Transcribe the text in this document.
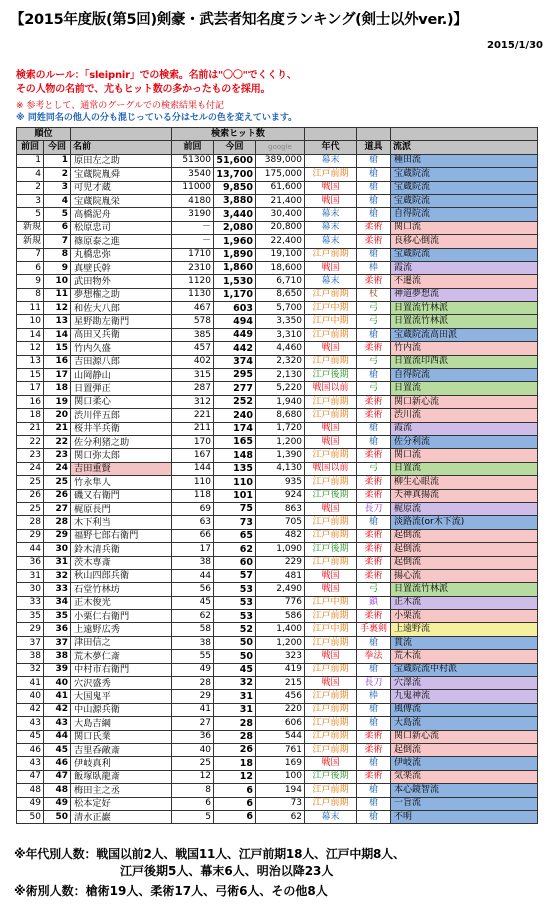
【2015年度版(第5回)剣豪・武芸者知名度ランキング(剣士以外ver.)】
2015/1/30
検索のルール：「sleipnir」での検索。名前は"〇〇"でくくり、
その人物の名前で、尤もヒット数の多かったものを採用。
※ 参考として、通常のグーグルでの検索結果も付記
※ 同姓同名の他人の分も混じっている分はセルの色を変えています。
順位			検索ヒット数					
前回	今回	名前	前回	今回	google	年代	道具	流派
1	1	原田左之助	51300	51,600	389,000	幕末	槍	種田流
4	2	宝蔵院胤舜	3540	13,700	175,000	江戸前期	槍	宝蔵院流
2	3	可児才蔵	11000	9,850	61,600	戦国	槍	宝蔵院流
3	4	宝蔵院胤栄	4180	3,880	21,400	戦国	槍	宝蔵院流
5	5	高橋泥舟	3190	3,440	30,400	幕末	槍	自得院流
新規	6	松原忠司	－	2,080	20,800	幕末	柔術	関口流
新規	7	篠原泰之進	－	1,960	22,400	幕末	柔術	良移心倒流
7	8	丸橋忠弥	1710	1,890	19,100	江戸前期	槍	宝蔵院流
6	9	真壁氏幹	2310	1,860	18,600	戦国	棒	霞流
9	10	武田物外	1120	1,530	6,710	幕末	柔術	不遷流
8	11	夢想権之助	1130	1,170	8,650	江戸前期	杖	神道夢想流
11	12	和佐大八郎	467	603	5,700	江戸中期	弓	日置流竹林派
10	13	星野勘左衛門	578	494	3,350	江戸中期	弓	日置流竹林派
14	14	高田又兵衛	385	449	3,310	江戸前期	槍	宝蔵院流高田派
12	15	竹内久盛	457	442	4,460	戦国	柔術	竹内流
13	16	吉田源八郎	402	374	2,320	江戸前期	弓	日置流印西派
15	17	山岡静山	315	295	2,130	江戸後期	槍	自得院流
17	18	日置弾正	287	277	5,220	戦国以前	弓	日置流
16	19	関口柔心	312	252	1,940	江戸前期	柔術	関口新心流
18	20	渋川伴五郎	221	240	8,680	江戸前期	柔術	渋川流
21	21	桜井半兵衛	211	174	1,720	戦国	槍	霞流
22	22	佐分利猪之助	170	165	1,200	戦国	槍	佐分利流
23	23	関口弥太郎	167	148	1,390	江戸前期	柔術	関口流
24	24	吉田重賢	144	135	4,130	戦国以前	弓	日置流
25	25	竹永隼人	110	110	935	江戸前期	柔術	柳生心眼流
26	26	磯又右衛門	118	101	924	江戸後期	柔術	天神真揚流
25	27	梶原長門	69	75	863	戦国	長刀	梶原流
28	28	木下利当	63	73	705	江戸前期	槍	淡路流(or木下流)
29	29	福野七郎右衛門	66	65	482	江戸前期	柔術	起倒流
44	30	鈴木清兵衛	17	62	1,090	江戸後期	柔術	起倒流
36	31	茨木専斎	38	60	229	江戸前期	柔術	起倒流
31	32	秋山四郎兵衛	44	57	481	戦国	柔術	揚心流
30	33	石堂竹林坊	56	53	2,490	戦国	弓	日置流竹林派
33	34	正木俊光	45	53	776	江戸中期	鎖	正木流
35	35	小栗仁右衛門	62	53	586	江戸前期	柔術	小栗流
29	36	上遠野広秀	58	52	1,400	江戸中期	手裏剣	上遠野流
37	37	津田信之	38	50	1,200	江戸前期	槍	貫流
38	38	荒木夢仁斎	55	50	323	戦国	拳法	荒木流
32	39	中村市右衛門	49	45	419	江戸前期	槍	宝蔵院流中村派
41	40	穴沢盛秀	28	32	215	戦国	長刀	穴澤流
40	41	大国鬼平	29	31	456	江戸前期	棒	九鬼神流
42	42	中山源兵衛	41	31	220	江戸前期	槍	風傳流
43	43	大島吉綱	27	28	606	江戸前期	槍	大島流
45	44	関口氏業	36	28	544	江戸前期	柔術	関口新心流
46	45	吉里呑敵斎	40	26	761	江戸前期	柔術	起倒流
43	46	伊岐真利	25	18	169	戦国	槍	伊岐流
47	47	飯塚臥龍斎	12	12	100	江戸後期	柔術	気楽流
48	48	梅田主之丞	8	6	194	江戸前期	槍	本心鏡智流
49	49	松本定好	6	6	73	江戸前期	槍	一旨流
50	50	清水正巖	5	6	62	幕末	槍	不明
※年代別人数：戦国以前2人、戦国11人、江戸前期18人、江戸中期8人、
江戸後期5人、幕末6人、明治以降23人
※術別人数：槍術19人、柔術17人、弓術6人、その他8人
